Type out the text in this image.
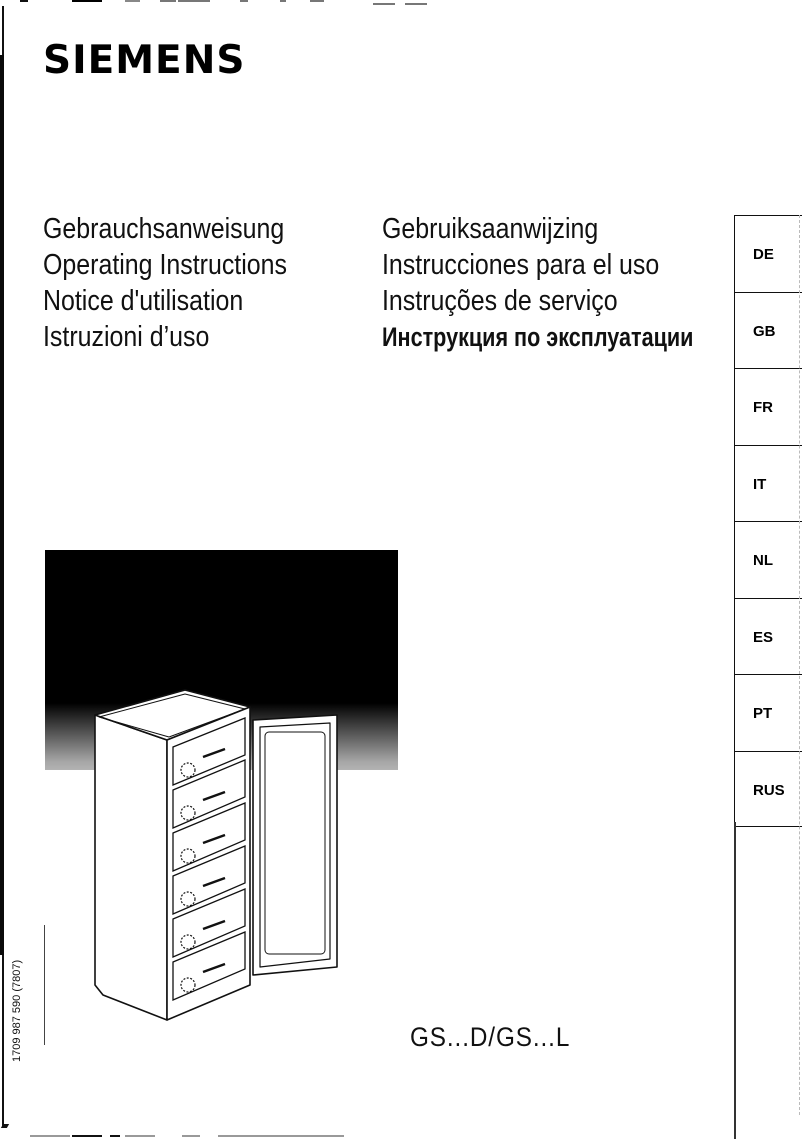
SIEMENS
Gebrauchsanweisung
Operating Instructions
Notice d'utilisation
Istruzioni d’uso
Gebruiksaanwijzing
Instrucciones para el uso
Instruções de serviço
Инструкция по эксплуатации
DE
GB
FR
IT
NL
ES
PT
RUS
GS...D/GS...L
1709 987 590 (7807)
